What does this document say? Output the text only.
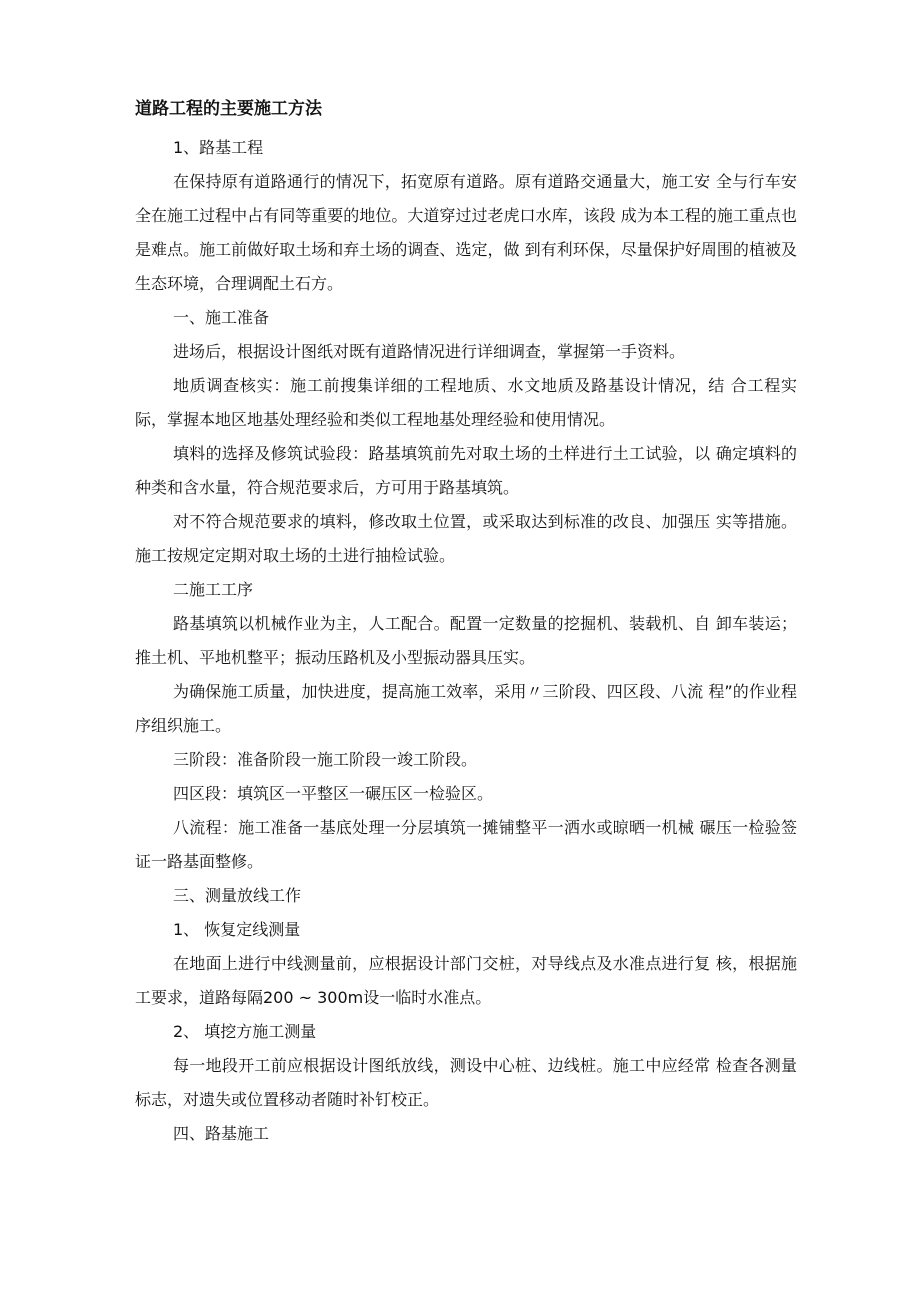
道路工程的主要施工方法

1、路基工程

在保持原有道路通行的情况下，拓宽原有道路。原有道路交通量大，施工安 全与行车安全在施工过程中占有同等重要的地位。大道穿过过老虎口水库，该段 成为本工程的施工重点也是难点。施工前做好取土场和弃土场的调查、选定，做 到有利环保，尽量保护好周围的植被及生态环境，合理调配土石方。

一、施工准备

进场后，根据设计图纸对既有道路情况进行详细调查，掌握第一手资料。

地质调查核实：施工前搜集详细的工程地质、水文地质及路基设计情况，结 合工程实际，掌握本地区地基处理经验和类似工程地基处理经验和使用情况。

填料的选择及修筑试验段：路基填筑前先对取土场的土样进行土工试验，以 确定填料的种类和含水量，符合规范要求后，方可用于路基填筑。

对不符合规范要求的填料，修改取土位置，或采取达到标准的改良、加强压 实等措施。施工按规定定期对取土场的土进行抽检试验。

二施工工序

路基填筑以机械作业为主，人工配合。配置一定数量的挖掘机、装载机、自 卸车装运；推土机、平地机整平；振动压路机及小型振动器具压实。

为确保施工质量，加快进度，提高施工效率，采用〃三阶段、四区段、八流 程”的作业程序组织施工。

三阶段：准备阶段一施工阶段一竣工阶段。

四区段：填筑区一平整区一碾压区一检验区。

八流程：施工准备一基底处理一分层填筑一摊铺整平一洒水或晾晒一机械 碾压一检验签证一路基面整修。

三、测量放线工作

1、 恢复定线测量

在地面上进行中线测量前，应根据设计部门交桩，对导线点及水准点进行复 核，根据施工要求，道路每隔200 ~ 300m设一临时水准点。

2、 填挖方施工测量

每一地段开工前应根据设计图纸放线，测设中心桩、边线桩。施工中应经常 检查各测量标志，对遗失或位置移动者随时补钉校正。

四、路基施工
